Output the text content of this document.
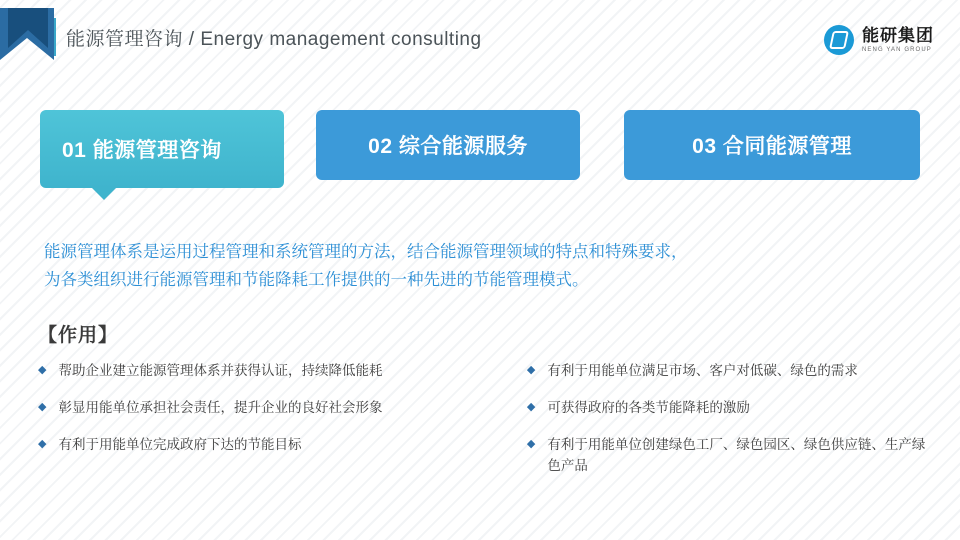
能源管理咨询 / Energy management consulting	能研集团
NENG YAN GROUP
01 能源管理咨询	02 综合能源服务	03 合同能源管理
能源管理体系是运用过程管理和系统管理的方法，结合能源管理领域的特点和特殊要求，
为各类组织进行能源管理和节能降耗工作提供的一种先进的节能管理模式。
【作用】
◆ 帮助企业建立能源管理体系并获得认证，持续降低能耗
◆ 彰显用能单位承担社会责任，提升企业的良好社会形象
◆ 有利于用能单位完成政府下达的节能目标
◆ 有利于用能单位满足市场、客户对低碳、绿色的需求
◆ 可获得政府的各类节能降耗的激励
◆ 有利于用能单位创建绿色工厂、绿色园区、绿色供应链、生产绿色产品
